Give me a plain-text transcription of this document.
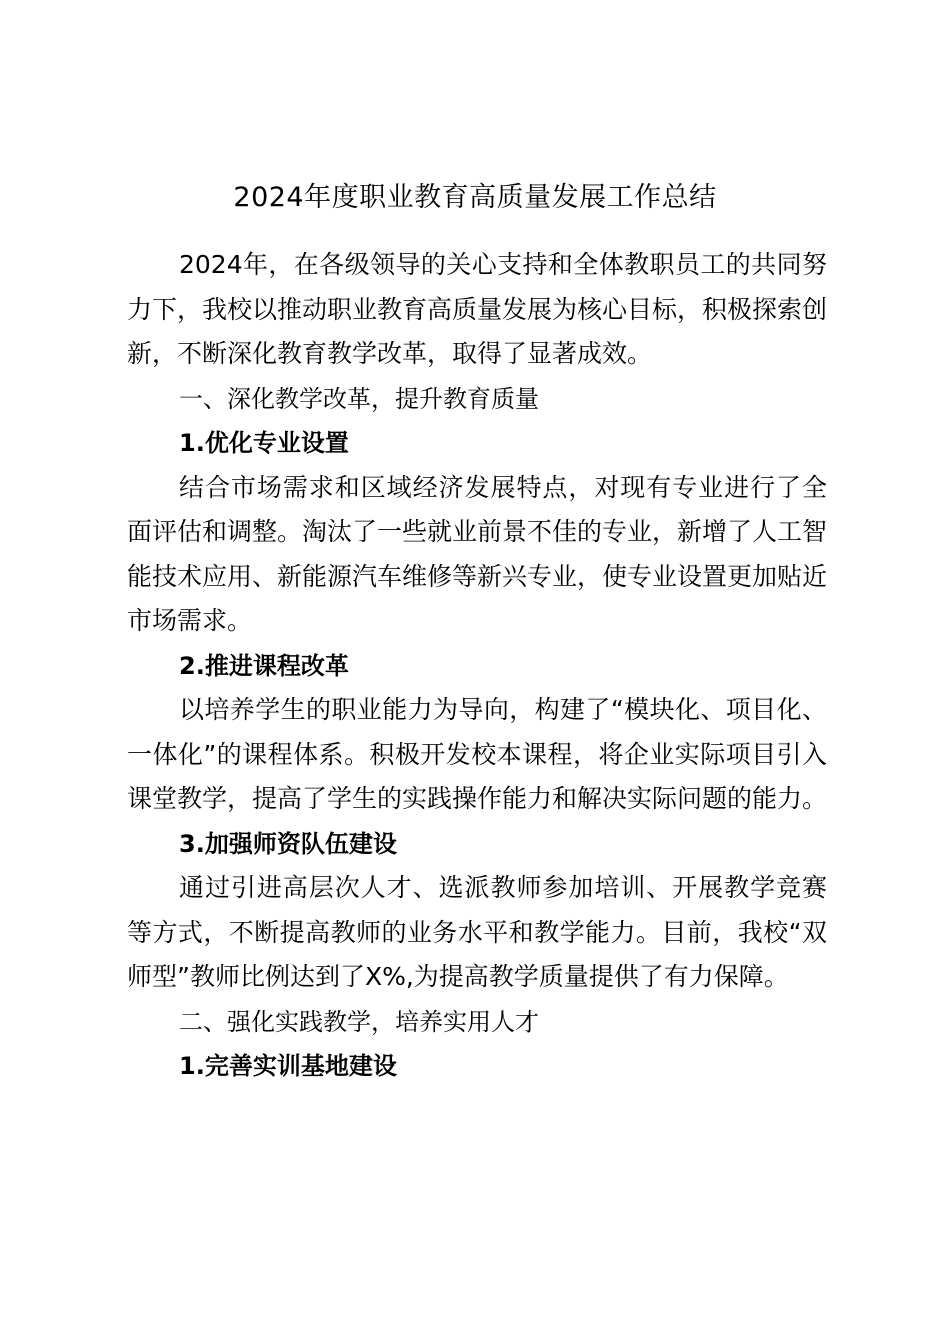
2024年度职业教育高质量发展工作总结

2024年，在各级领导的关心支持和全体教职员工的共同努力下，我校以推动职业教育高质量发展为核心目标，积极探索创新，不断深化教育教学改革，取得了显著成效。

一、深化教学改革，提升教育质量

1.优化专业设置

结合市场需求和区域经济发展特点，对现有专业进行了全面评估和调整。淘汰了一些就业前景不佳的专业，新增了人工智能技术应用、新能源汽车维修等新兴专业，使专业设置更加贴近市场需求。

2.推进课程改革

以培养学生的职业能力为导向，构建了“模块化、项目化、一体化”的课程体系。积极开发校本课程，将企业实际项目引入课堂教学，提高了学生的实践操作能力和解决实际问题的能力。

3.加强师资队伍建设

通过引进高层次人才、选派教师参加培训、开展教学竞赛等方式，不断提高教师的业务水平和教学能力。目前，我校“双师型”教师比例达到了X%,为提高教学质量提供了有力保障。

二、强化实践教学，培养实用人才

1.完善实训基地建设
